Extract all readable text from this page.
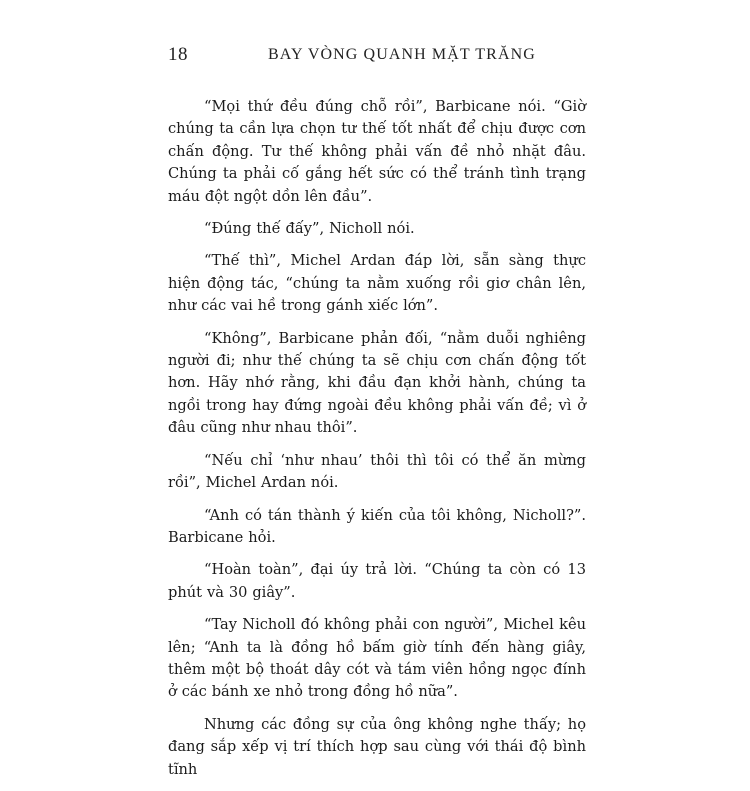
18	BAY VÒNG QUANH MẶT TRĂNG

“Mọi thứ đều đúng chỗ rồi”, Barbicane nói. “Giờ chúng ta cần lựa chọn tư thế tốt nhất để chịu được cơn chấn động. Tư thế không phải vấn đề nhỏ nhặt đâu. Chúng ta phải cố gắng hết sức có thể tránh tình trạng máu đột ngột dồn lên đầu”.

“Đúng thế đấy”, Nicholl nói.

“Thế thì”, Michel Ardan đáp lời, sẵn sàng thực hiện động tác, “chúng ta nằm xuống rồi giơ chân lên, như các vai hề trong gánh xiếc lớn”.

“Không”, Barbicane phản đối, “nằm duỗi nghiêng người đi; như thế chúng ta sẽ chịu cơn chấn động tốt hơn. Hãy nhớ rằng, khi đầu đạn khởi hành, chúng ta ngồi trong hay đứng ngoài đều không phải vấn đề; vì ở đâu cũng như nhau thôi”.

“Nếu chỉ ‘như nhau’ thôi thì tôi có thể ăn mừng rồi”, Michel Ardan nói.

“Anh có tán thành ý kiến của tôi không, Nicholl?”. Barbicane hỏi.

“Hoàn toàn”, đại úy trả lời. “Chúng ta còn có 13 phút và 30 giây”.

“Tay Nicholl đó không phải con người”, Michel kêu lên; “Anh ta là đồng hồ bấm giờ tính đến hàng giây, thêm một bộ thoát dây cót và tám viên hồng ngọc đính ở các bánh xe nhỏ trong đồng hồ nữa”.

Nhưng các đồng sự của ông không nghe thấy; họ đang sắp xếp vị trí thích hợp sau cùng với thái độ bình tĩnh
